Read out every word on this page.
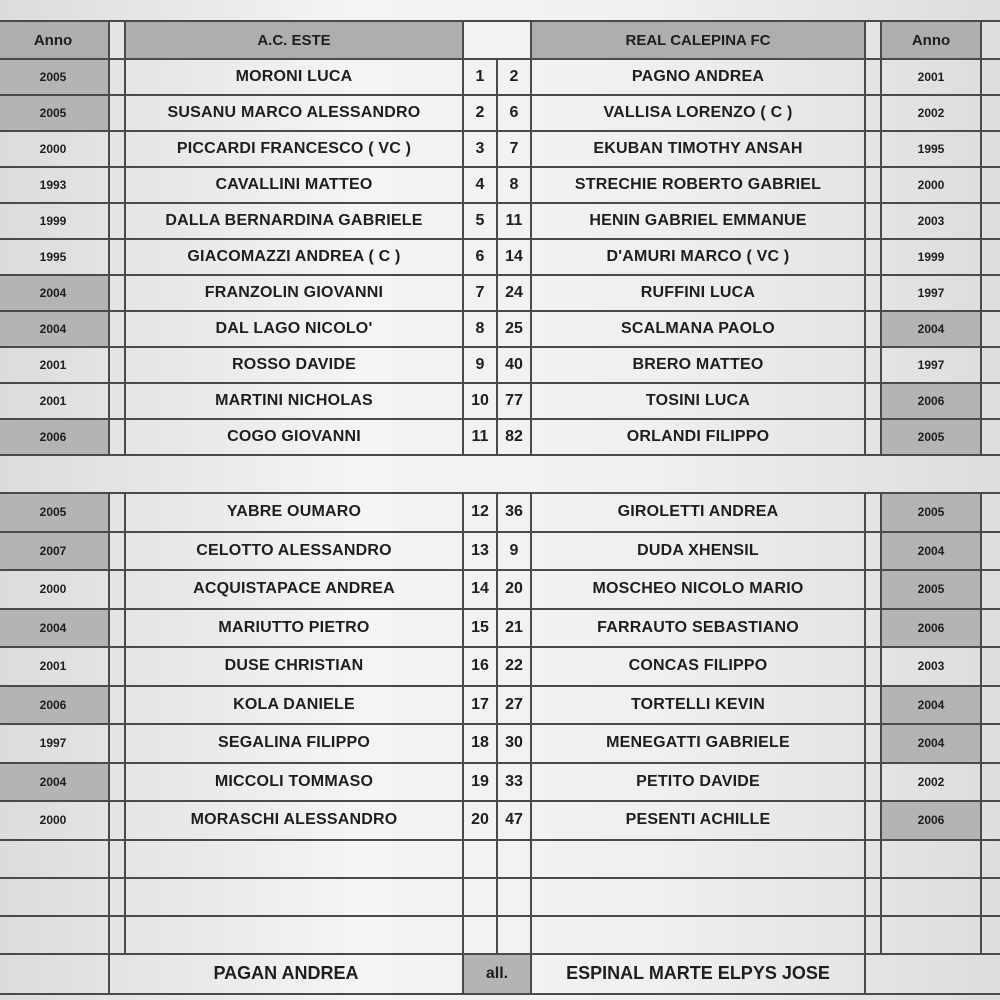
Anno		A.C. ESTE			REAL CALEPINA FC		Anno	
2005		MORONI LUCA	1	2	PAGNO ANDREA		2001	
2005		SUSANU MARCO ALESSANDRO	2	6	VALLISA LORENZO ( C )		2002	
2000		PICCARDI FRANCESCO ( VC )	3	7	EKUBAN TIMOTHY ANSAH		1995	
1993		CAVALLINI MATTEO	4	8	STRECHIE ROBERTO GABRIEL		2000	
1999		DALLA BERNARDINA GABRIELE	5	11	HENIN GABRIEL EMMANUE		2003	
1995		GIACOMAZZI ANDREA ( C )	6	14	D'AMURI MARCO ( VC )		1999	
2004		FRANZOLIN GIOVANNI	7	24	RUFFINI LUCA		1997	
2004		DAL LAGO NICOLO'	8	25	SCALMANA PAOLO		2004	
2001		ROSSO DAVIDE	9	40	BRERO MATTEO		1997	
2001		MARTINI NICHOLAS	10	77	TOSINI LUCA		2006	
2006		COGO GIOVANNI	11	82	ORLANDI FILIPPO		2005	

2005		YABRE OUMARO	12	36	GIROLETTI ANDREA		2005	
2007		CELOTTO ALESSANDRO	13	9	DUDA XHENSIL		2004	
2000		ACQUISTAPACE ANDREA	14	20	MOSCHEO NICOLO MARIO		2005	
2004		MARIUTTO PIETRO	15	21	FARRAUTO SEBASTIANO		2006	
2001		DUSE CHRISTIAN	16	22	CONCAS FILIPPO		2003	
2006		KOLA DANIELE	17	27	TORTELLI KEVIN		2004	
1997		SEGALINA FILIPPO	18	30	MENEGATTI GABRIELE		2004	
2004		MICCOLI TOMMASO	19	33	PETITO DAVIDE		2002	
2000		MORASCHI ALESSANDRO	20	47	PESENTI ACHILLE		2006	

	PAGAN ANDREA		all.		ESPINAL MARTE ELPYS JOSE			
